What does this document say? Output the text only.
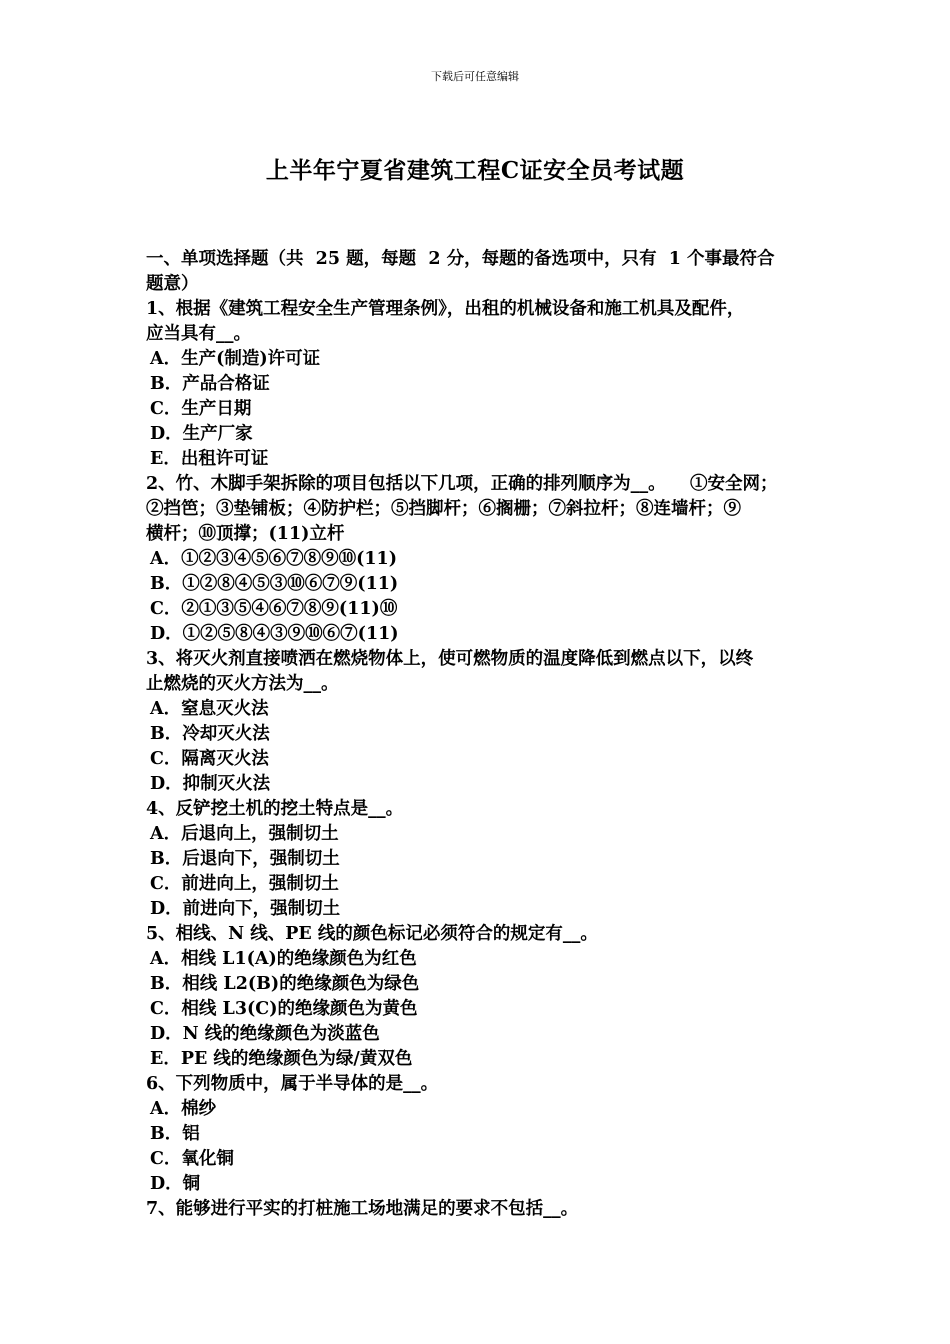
下载后可任意编辑
上半年宁夏省建筑工程C证安全员考试题
一、单项选择题（共  25 题，每题  2 分，每题的备选项中，只有  1 个事最符合
题意）
1、根据《建筑工程安全生产管理条例》，出租的机械设备和施工机具及配件，
应当具有__。
A．生产(制造)许可证
B．产品合格证
C．生产日期
D．生产厂家
E．出租许可证
2、竹、木脚手架拆除的项目包括以下几项，正确的排列顺序为__。    ①安全网；
②挡笆；③垫铺板；④防护栏；⑤挡脚杆；⑥搁栅；⑦斜拉杆；⑧连墙杆；⑨
横杆；⑩顶撑；(11)立杆
A．①②③④⑤⑥⑦⑧⑨⑩(11)
B．①②⑧④⑤③⑩⑥⑦⑨(11)
C．②①③⑤④⑥⑦⑧⑨(11)⑩
D．①②⑤⑧④③⑨⑩⑥⑦(11)
3、将灭火剂直接喷洒在燃烧物体上，使可燃物质的温度降低到燃点以下，以终
止燃烧的灭火方法为__。
A．窒息灭火法
B．冷却灭火法
C．隔离灭火法
D．抑制灭火法
4、反铲挖土机的挖土特点是__。
A．后退向上，强制切土
B．后退向下，强制切土
C．前进向上，强制切土
D．前进向下，强制切土
5、相线、N 线、PE 线的颜色标记必须符合的规定有__。
A．相线 L1(A)的绝缘颜色为红色
B．相线 L2(B)的绝缘颜色为绿色
C．相线 L3(C)的绝缘颜色为黄色
D．N 线的绝缘颜色为淡蓝色
E．PE 线的绝缘颜色为绿/黄双色
6、下列物质中，属于半导体的是__。
A．棉纱
B．铝
C．氧化铜
D．铜
7、能够进行平实的打桩施工场地满足的要求不包括__。
